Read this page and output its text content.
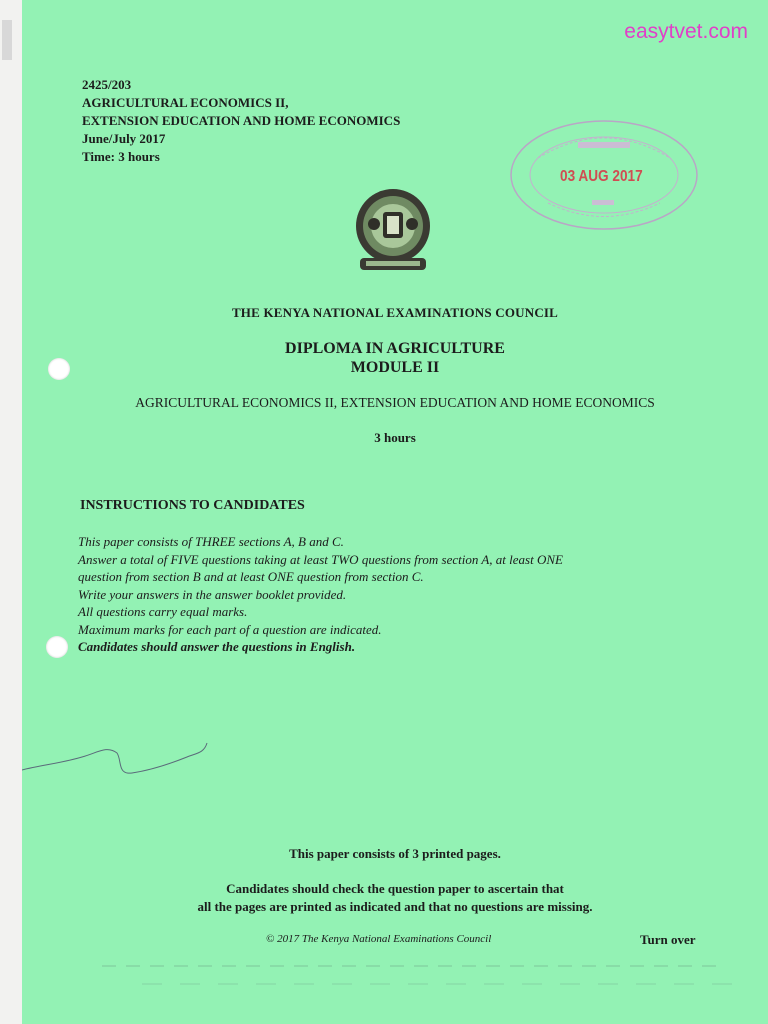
easytvet.com
2425/203
AGRICULTURAL ECONOMICS II,
EXTENSION EDUCATION AND HOME ECONOMICS
June/July 2017
Time: 3 hours
03 AUG 2017
THE KENYA NATIONAL EXAMINATIONS COUNCIL
DIPLOMA IN AGRICULTURE
MODULE II
AGRICULTURAL ECONOMICS II, EXTENSION EDUCATION AND HOME ECONOMICS
3 hours
INSTRUCTIONS TO CANDIDATES
This paper consists of THREE sections A, B and C.
Answer a total of FIVE questions taking at least TWO questions from section A, at least ONE
question from section B and at least ONE question from section C.
Write your answers in the answer booklet provided.
All questions carry equal marks.
Maximum marks for each part of a question are indicated.
Candidates should answer the questions in English.
This paper consists of 3 printed pages.
Candidates should check the question paper to ascertain that
all the pages are printed as indicated and that no questions are missing.
© 2017 The Kenya National Examinations Council	Turn over
